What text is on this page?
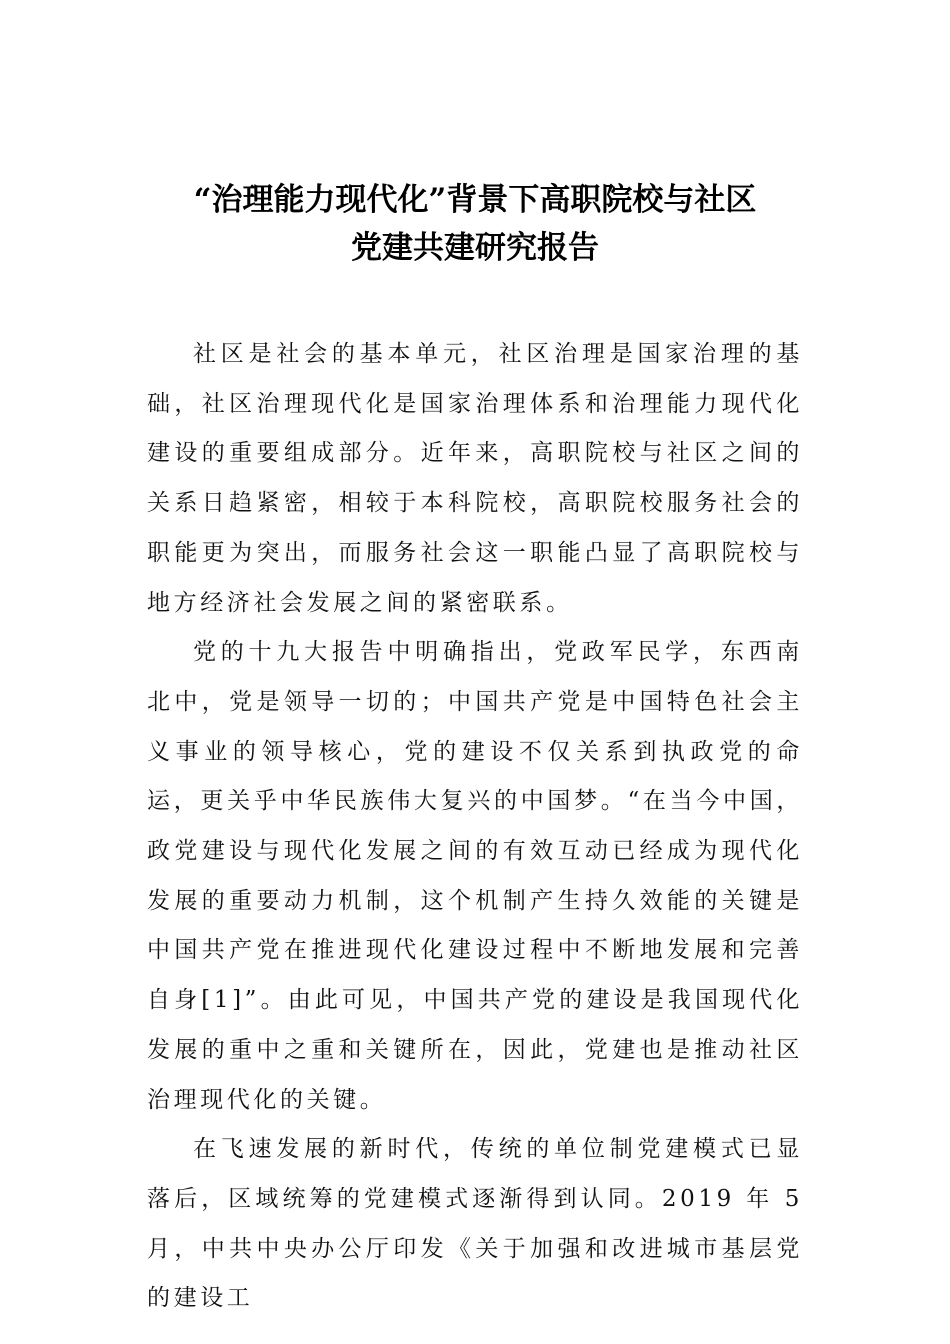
“治理能力现代化”背景下高职院校与社区

党建共建研究报告

社区是社会的基本单元，社区治理是国家治理的基础，社区治理现代化是国家治理体系和治理能力现代化建设的重要组成部分。近年来，高职院校与社区之间的关系日趋紧密，相较于本科院校，高职院校服务社会的职能更为突出，而服务社会这一职能凸显了高职院校与地方经济社会发展之间的紧密联系。

党的十九大报告中明确指出，党政军民学，东西南北中，党是领导一切的；中国共产党是中国特色社会主义事业的领导核心，党的建设不仅关系到执政党的命运，更关乎中华民族伟大复兴的中国梦。“在当今中国，政党建设与现代化发展之间的有效互动已经成为现代化发展的重要动力机制，这个机制产生持久效能的关键是中国共产党在推进现代化建设过程中不断地发展和完善自身[1]”。由此可见，中国共产党的建设是我国现代化发展的重中之重和关键所在，因此，党建也是推动社区治理现代化的关键。

在飞速发展的新时代，传统的单位制党建模式已显落后，区域统筹的党建模式逐渐得到认同。2019 年 5 月，中共中央办公厅印发《关于加强和改进城市基层党的建设工
